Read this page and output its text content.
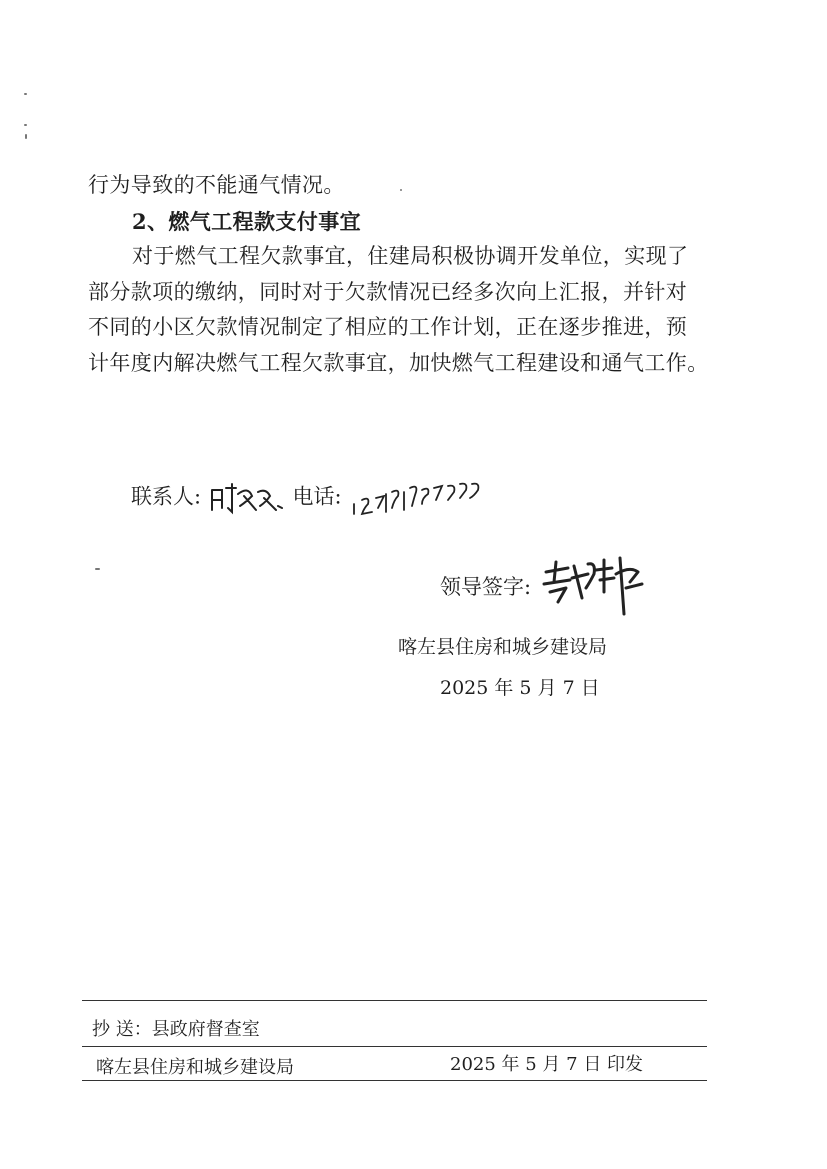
行为导致的不能通气情况。

2、燃气工程款支付事宜

对于燃气工程欠款事宜，住建局积极协调开发单位，实现了

部分款项的缴纳，同时对于欠款情况已经多次向上汇报，并针对

不同的小区欠款情况制定了相应的工作计划，正在逐步推进，预

计年度内解决燃气工程欠款事宜，加快燃气工程建设和通气工作。

联系人:	电话:
领导签字:
喀左县住房和城乡建设局
2025 年 5 月 7 日
抄 送：县政府督查室
喀左县住房和城乡建设局	2025 年 5 月 7 日 印发
